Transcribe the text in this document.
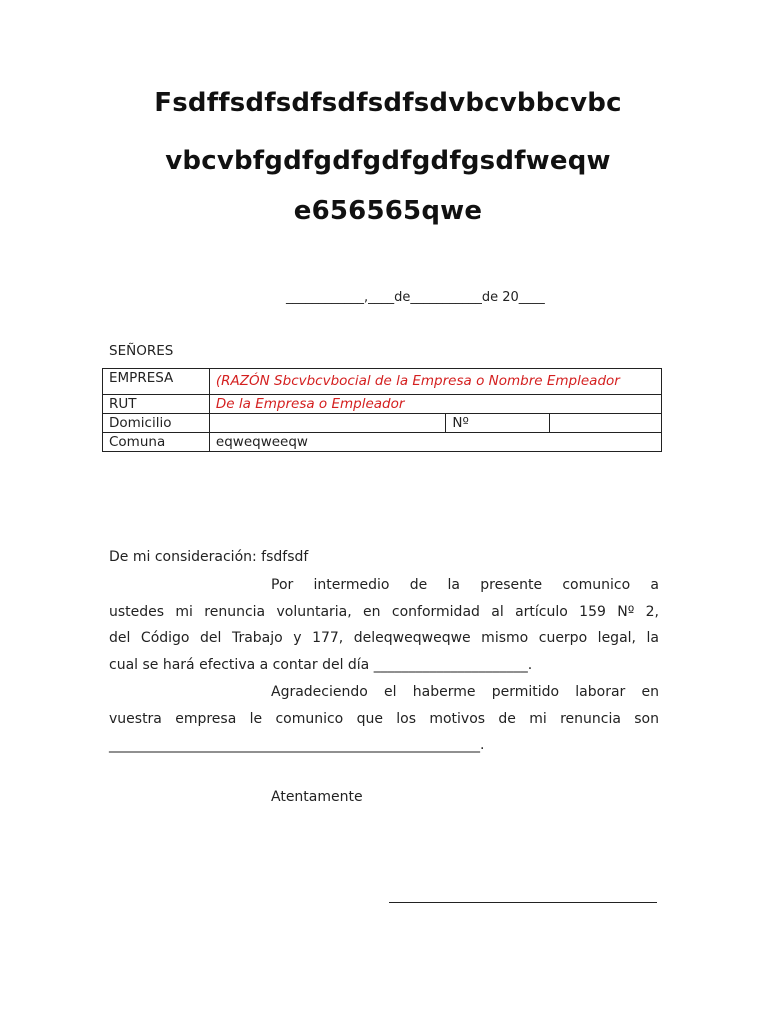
Fsdffsdfsdfsdfsdfsdvbcvbbcvbc
vbcvbfgdfgdfgdfgdfgsdfweqw
e656565qwe
____________,____de___________de 20____
SEÑORES
EMPRESA	(RAZÓN Sbcvbcvbocial de la Empresa o Nombre Empleador		
RUT	De la Empresa o Empleador		
Domicilio		Nº	
Comuna	eqweqweeqw		
De mi consideración: fsdfsdf

Por intermedio de la presente comunico a

ustedes mi renuncia voluntaria, en conformidad al artículo 159 Nº 2,

del Código del Trabajo y 177, deleqweqweqwe mismo cuerpo legal, la

cual se hará efectiva a contar del día ______________________.

Agradeciendo el haberme permitido laborar en

vuestra empresa le comunico que los motivos de mi renuncia son

_____________________________________________________.

Atentamente
